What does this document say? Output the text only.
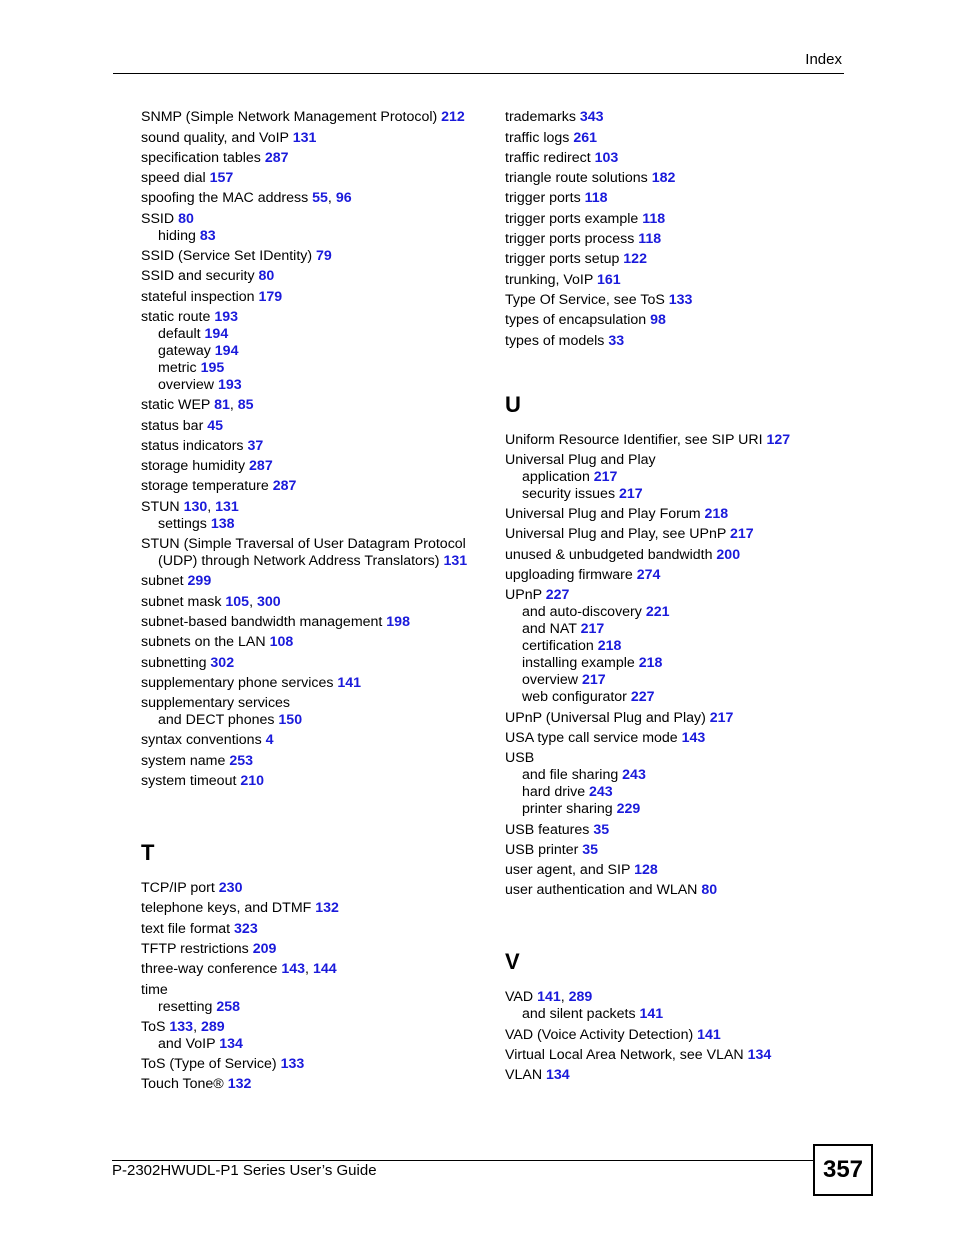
Index
SNMP (Simple Network Management Protocol) 212
sound quality, and VoIP 131
specification tables 287
speed dial 157
spoofing the MAC address 55, 96
SSID 80
hiding 83
SSID (Service Set IDentity) 79
SSID and security 80
stateful inspection 179
static route 193
default 194
gateway 194
metric 195
overview 193
static WEP 81, 85
status bar 45
status indicators 37
storage humidity 287
storage temperature 287
STUN 130, 131
settings 138
STUN (Simple Traversal of User Datagram Protocol
(UDP) through Network Address Translators) 131
subnet 299
subnet mask 105, 300
subnet-based bandwidth management 198
subnets on the LAN 108
subnetting 302
supplementary phone services 141
supplementary services
and DECT phones 150
syntax conventions 4
system name 253
system timeout 210
T
TCP/IP port 230
telephone keys, and DTMF 132
text file format 323
TFTP restrictions 209
three-way conference 143, 144
time
resetting 258
ToS 133, 289
and VoIP 134
ToS (Type of Service) 133
Touch Tone® 132
trademarks 343
traffic logs 261
traffic redirect 103
triangle route solutions 182
trigger ports 118
trigger ports example 118
trigger ports process 118
trigger ports setup 122
trunking, VoIP 161
Type Of Service, see ToS 133
types of encapsulation 98
types of models 33
U
Uniform Resource Identifier, see SIP URI 127
Universal Plug and Play
application 217
security issues 217
Universal Plug and Play Forum 218
Universal Plug and Play, see UPnP 217
unused & unbudgeted bandwidth 200
upgloading firmware 274
UPnP 227
and auto-discovery 221
and NAT 217
certification 218
installing example 218
overview 217
web configurator 227
UPnP (Universal Plug and Play) 217
USA type call service mode 143
USB
and file sharing 243
hard drive 243
printer sharing 229
USB features 35
USB printer 35
user agent, and SIP 128
user authentication and WLAN 80
V
VAD 141, 289
and silent packets 141
VAD (Voice Activity Detection) 141
Virtual Local Area Network, see VLAN 134
VLAN 134
P-2302HWUDL-P1 Series User’s Guide	357
